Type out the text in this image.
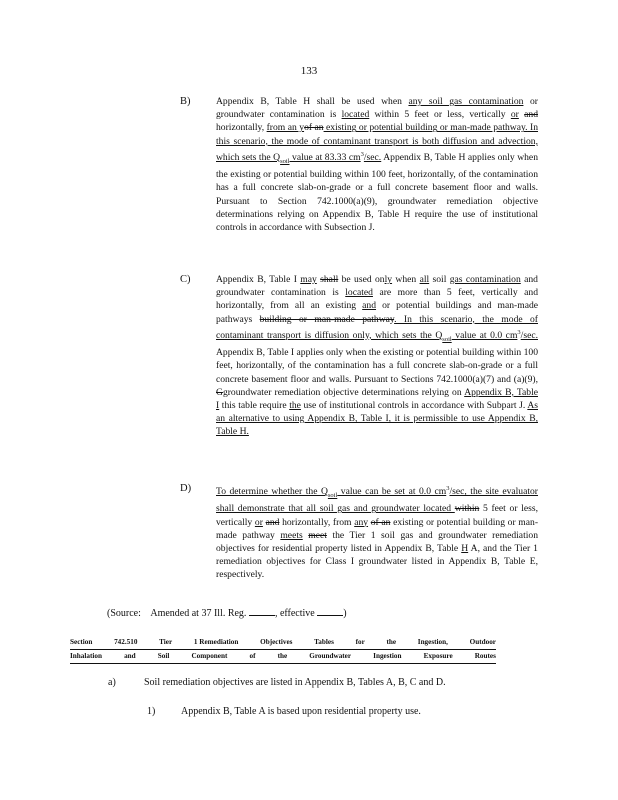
133
B)	Appendix B, Table H shall be used when any soil gas contamination or groundwater contamination is located within 5 feet or less, vertically or and horizontally, from an yof an existing or potential building or man-made pathway. In this scenario, the mode of contaminant transport is both diffusion and advection, which sets the $Q_{soil}$ value at 83.33 $cm^3/\sec$. Appendix B, Table H applies only when the existing or potential building within 100 feet, horizontally, of the contamination has a full concrete slab-on-grade or a full concrete basement floor and walls. Pursuant to Section 742.1000(a)(9), groundwater remediation objective determinations relying on Appendix B, Table H require the use of institutional controls in accordance with Subsection J.
C)	Appendix B, Table I may shall be used only when all soil gas contamination and groundwater contamination is located are more than 5 feet, vertically and horizontally, from all an existing and or potential buildings and man-made pathways building or man-made pathway. In this scenario, the mode of contaminant transport is diffusion only, which sets the $Q_{soil}$ value at 0.0 $cm^3/\sec$. Appendix B, Table I applies only when the existing or potential building within 100 feet, horizontally, of the contamination has a full concrete slab-on-grade or a full concrete basement floor and walls. Pursuant to Sections 742.1000(a)(7) and (a)(9), Ggroundwater remediation objective determinations relying on Appendix B, Table I this table require the use of institutional controls in accordance with Subpart J. As an alternative to using Appendix B, Table I, it is permissible to use Appendix B, Table H.
D)	To determine whether the $Q_{soil}$ value can be set at 0.0 $cm^3/\sec$, the site evaluator shall demonstrate that all soil gas and groundwater located within 5 feet or less, vertically or and horizontally, from any of an existing or potential building or man-made pathway meets meet the Tier 1 soil gas and groundwater remediation objectives for residential property listed in Appendix B, Table H A, and the Tier 1 remediation objectives for Class I groundwater listed in Appendix B, Table E, respectively.
(Source: Amended at 37 Ill. Reg.	, effective	)
Section	742.510	Tier	1 Remediation	Objectives	Tables	for	the	Ingestion,	Outdoor
Inhalation	and	Soil	Component	of	the	Groundwater	Ingestion	Exposure	Routes
a)	Soil remediation objectives are listed in Appendix B, Tables A, B, C and D.
1)	Appendix B, Table A is based upon residential property use.
